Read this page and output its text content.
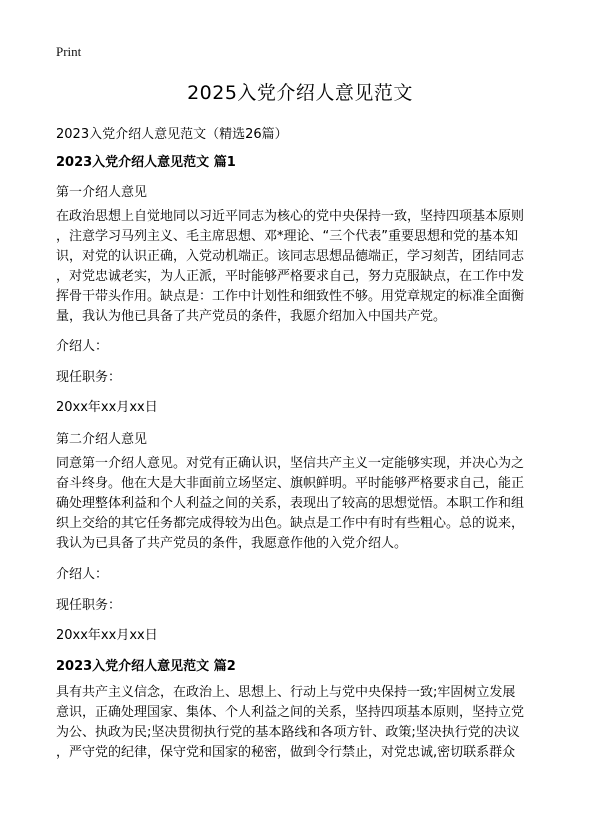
Print
2025入党介绍人意见范文

2023入党介绍人意见范文（精选26篇）

2023入党介绍人意见范文 篇1

第一介绍人意见

在政治思想上自觉地同以习近平同志为核心的党中央保持一致，坚持四项基本原则

，注意学习马列主义、毛主席思想、邓*理论、“三个代表”重要思想和党的基本知

识，对党的认识正确，入党动机端正。该同志思想品德端正，学习刻苦，团结同志

，对党忠诚老实，为人正派，平时能够严格要求自己，努力克服缺点，在工作中发

挥骨干带头作用。缺点是：工作中计划性和细致性不够。用党章规定的标准全面衡

量，我认为他已具备了共产党员的条件，我愿介绍加入中国共产党。

介绍人：

现任职务：

20xx年xx月xx日

第二介绍人意见

同意第一介绍人意见。对党有正确认识，坚信共产主义一定能够实现，并决心为之

奋斗终身。他在大是大非面前立场坚定、旗帜鲜明。平时能够严格要求自己，能正

确处理整体利益和个人利益之间的关系，表现出了较高的思想觉悟。本职工作和组

织上交给的其它任务都完成得较为出色。缺点是工作中有时有些粗心。总的说来，

我认为已具备了共产党员的条件，我愿意作他的入党介绍人。

介绍人：

现任职务：

20xx年xx月xx日

2023入党介绍人意见范文 篇2

具有共产主义信念，在政治上、思想上、行动上与党中央保持一致;牢固树立发展

意识，正确处理国家、集体、个人利益之间的关系，坚持四项基本原则，坚持立党

为公、执政为民;坚决贯彻执行党的基本路线和各项方针、政策;坚决执行党的决议

，严守党的纪律，保守党和国家的秘密，做到令行禁止，对党忠诚,密切联系群众
